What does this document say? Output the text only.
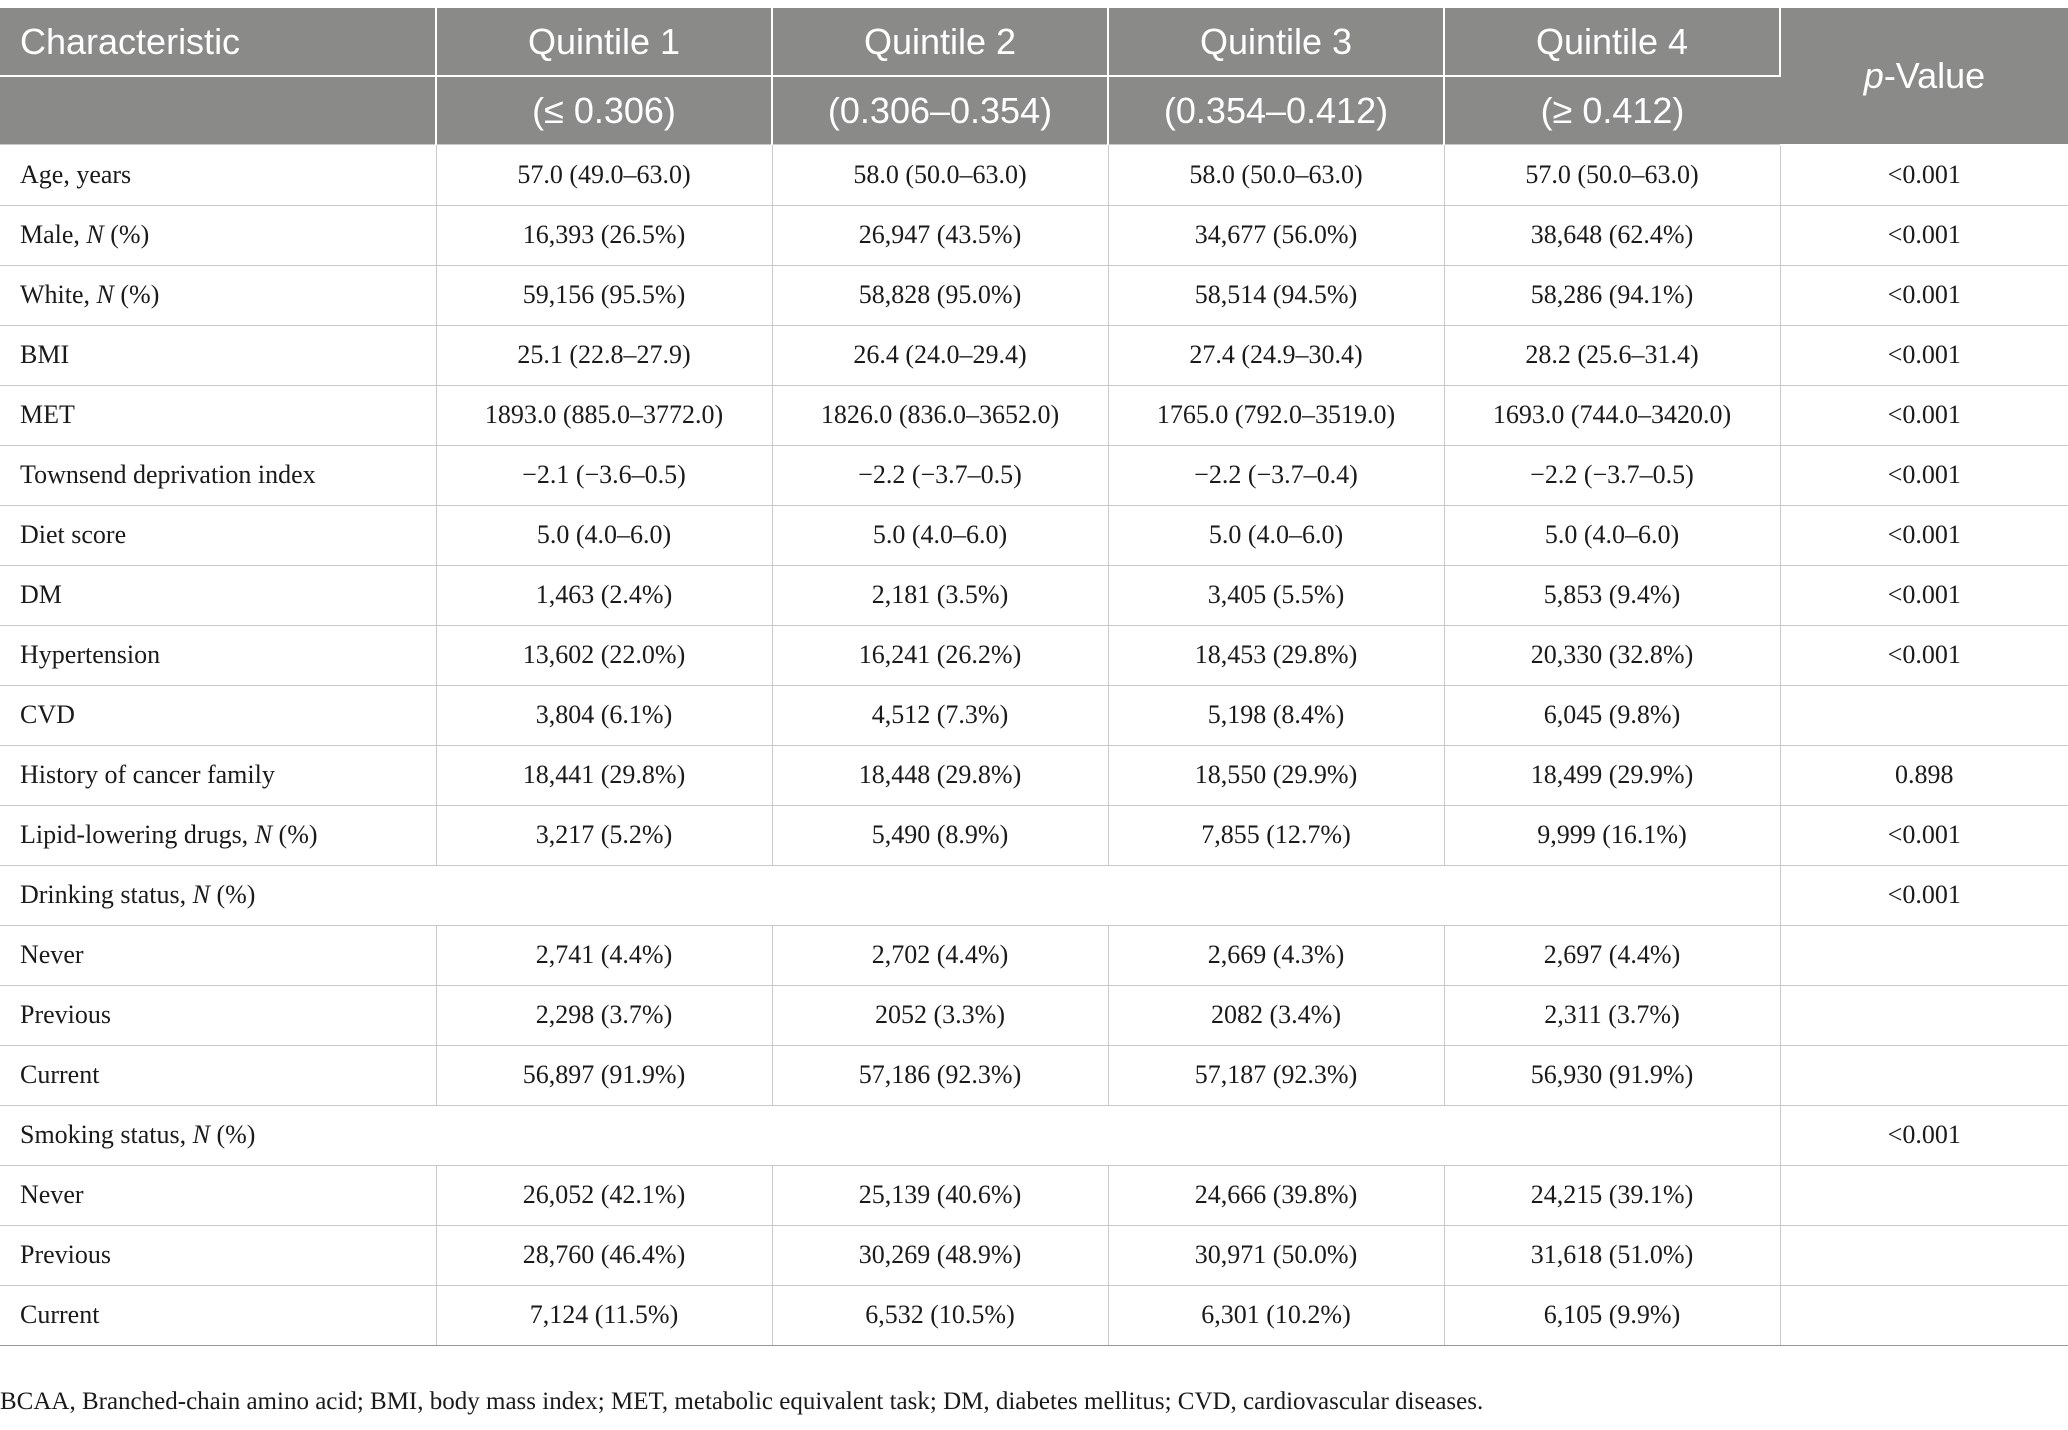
Characteristic	Quintile 1	Quintile 2	Quintile 3	Quintile 4	p-Value
	(≤ 0.306)	(0.306–0.354)	(0.354–0.412)	(≥ 0.412)	
Age, years	57.0 (49.0–63.0)	58.0 (50.0–63.0)	58.0 (50.0–63.0)	57.0 (50.0–63.0)	<0.001
Male, N (%)	16,393 (26.5%)	26,947 (43.5%)	34,677 (56.0%)	38,648 (62.4%)	<0.001
White, N (%)	59,156 (95.5%)	58,828 (95.0%)	58,514 (94.5%)	58,286 (94.1%)	<0.001
BMI	25.1 (22.8–27.9)	26.4 (24.0–29.4)	27.4 (24.9–30.4)	28.2 (25.6–31.4)	<0.001
MET	1893.0 (885.0–3772.0)	1826.0 (836.0–3652.0)	1765.0 (792.0–3519.0)	1693.0 (744.0–3420.0)	<0.001
Townsend deprivation index	−2.1 (−3.6–0.5)	−2.2 (−3.7–0.5)	−2.2 (−3.7–0.4)	−2.2 (−3.7–0.5)	<0.001
Diet score	5.0 (4.0–6.0)	5.0 (4.0–6.0)	5.0 (4.0–6.0)	5.0 (4.0–6.0)	<0.001
DM	1,463 (2.4%)	2,181 (3.5%)	3,405 (5.5%)	5,853 (9.4%)	<0.001
Hypertension	13,602 (22.0%)	16,241 (26.2%)	18,453 (29.8%)	20,330 (32.8%)	<0.001
CVD	3,804 (6.1%)	4,512 (7.3%)	5,198 (8.4%)	6,045 (9.8%)	
History of cancer family	18,441 (29.8%)	18,448 (29.8%)	18,550 (29.9%)	18,499 (29.9%)	0.898
Lipid-lowering drugs, N (%)	3,217 (5.2%)	5,490 (8.9%)	7,855 (12.7%)	9,999 (16.1%)	<0.001
Drinking status, N (%)					<0.001
Never	2,741 (4.4%)	2,702 (4.4%)	2,669 (4.3%)	2,697 (4.4%)	
Previous	2,298 (3.7%)	2052 (3.3%)	2082 (3.4%)	2,311 (3.7%)	
Current	56,897 (91.9%)	57,186 (92.3%)	57,187 (92.3%)	56,930 (91.9%)	
Smoking status, N (%)					<0.001
Never	26,052 (42.1%)	25,139 (40.6%)	24,666 (39.8%)	24,215 (39.1%)	
Previous	28,760 (46.4%)	30,269 (48.9%)	30,971 (50.0%)	31,618 (51.0%)	
Current	7,124 (11.5%)	6,532 (10.5%)	6,301 (10.2%)	6,105 (9.9%)	
BCAA, Branched-chain amino acid; BMI, body mass index; MET, metabolic equivalent task; DM, diabetes mellitus; CVD, cardiovascular diseases.
